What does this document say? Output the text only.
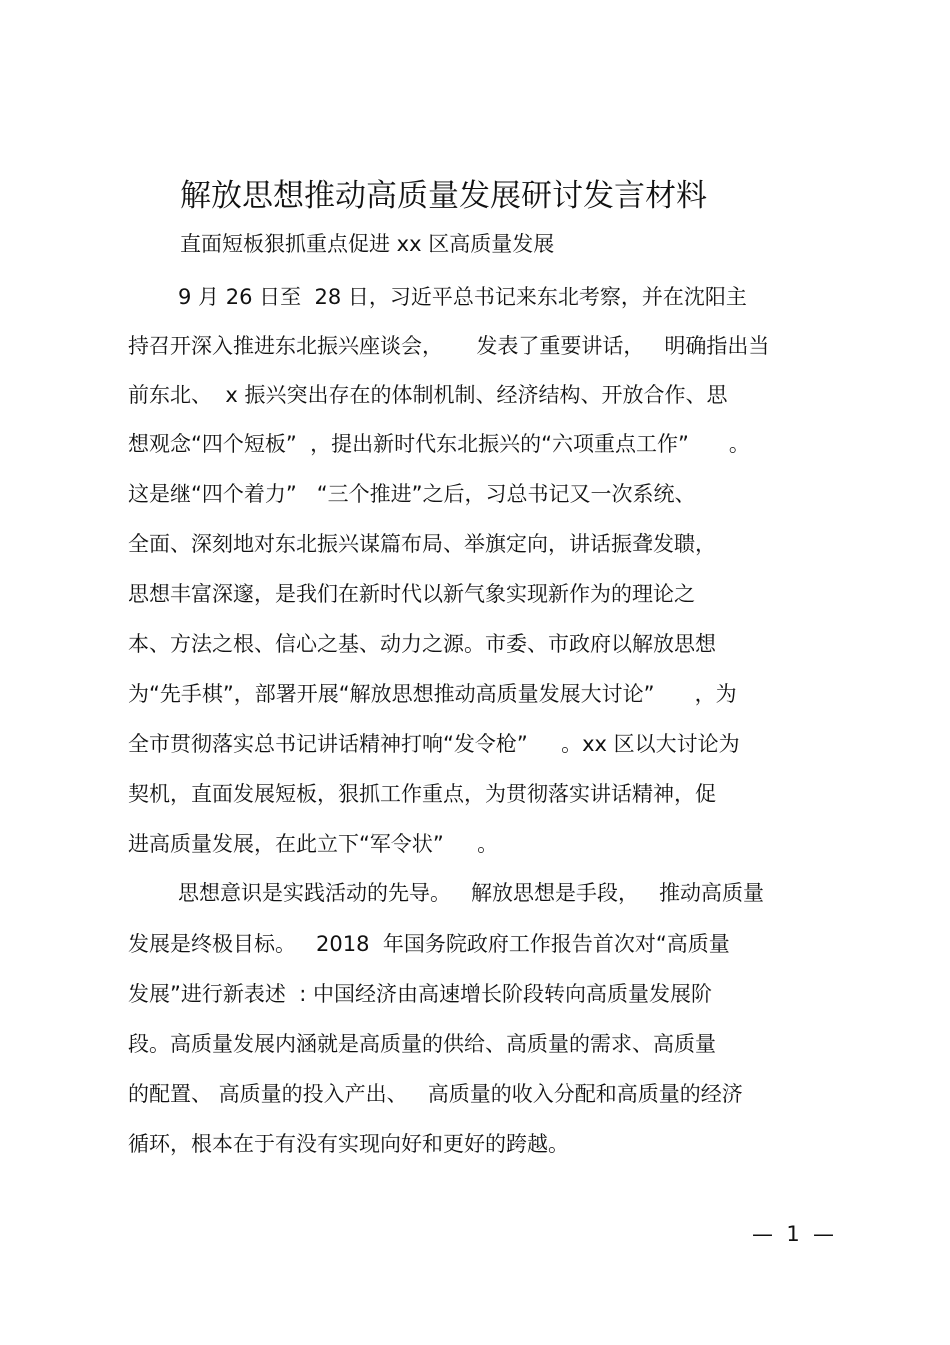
解放思想推动高质量发展研讨发言材料
直面短板狠抓重点促进 xx 区高质量发展
9 月 26 日至  28 日，习近平总书记来东北考察，并在沈阳主
持召开深入推进东北振兴座谈会，     发表了重要讲话，   明确指出当
前东北、  x 振兴突出存在的体制机制、经济结构、开放合作、思
想观念“四个短板”  ，提出新时代东北振兴的“六项重点工作”      。
这是继“四个着力”   “三个推进”之后，习总书记又一次系统、
全面、深刻地对东北振兴谋篇布局、举旗定向，讲话振聋发聩，
思想丰富深邃，是我们在新时代以新气象实现新作为的理论之
本、方法之根、信心之基、动力之源。市委、市政府以解放思想
为“先手棋”，部署开展“解放思想推动高质量发展大讨论”      ，为
全市贯彻落实总书记讲话精神打响“发令枪”     。xx 区以大讨论为
契机，直面发展短板，狠抓工作重点，为贯彻落实讲话精神，促
进高质量发展，在此立下“军令状”     。
思想意识是实践活动的先导。   解放思想是手段，   推动高质量
发展是终极目标。   2018  年国务院政府工作报告首次对“高质量
发展”进行新表述  : 中国经济由高速增长阶段转向高质量发展阶
段。高质量发展内涵就是高质量的供给、高质量的需求、高质量
的配置、 高质量的投入产出、   高质量的收入分配和高质量的经济
循环，根本在于有没有实现向好和更好的跨越。
—  1  —
